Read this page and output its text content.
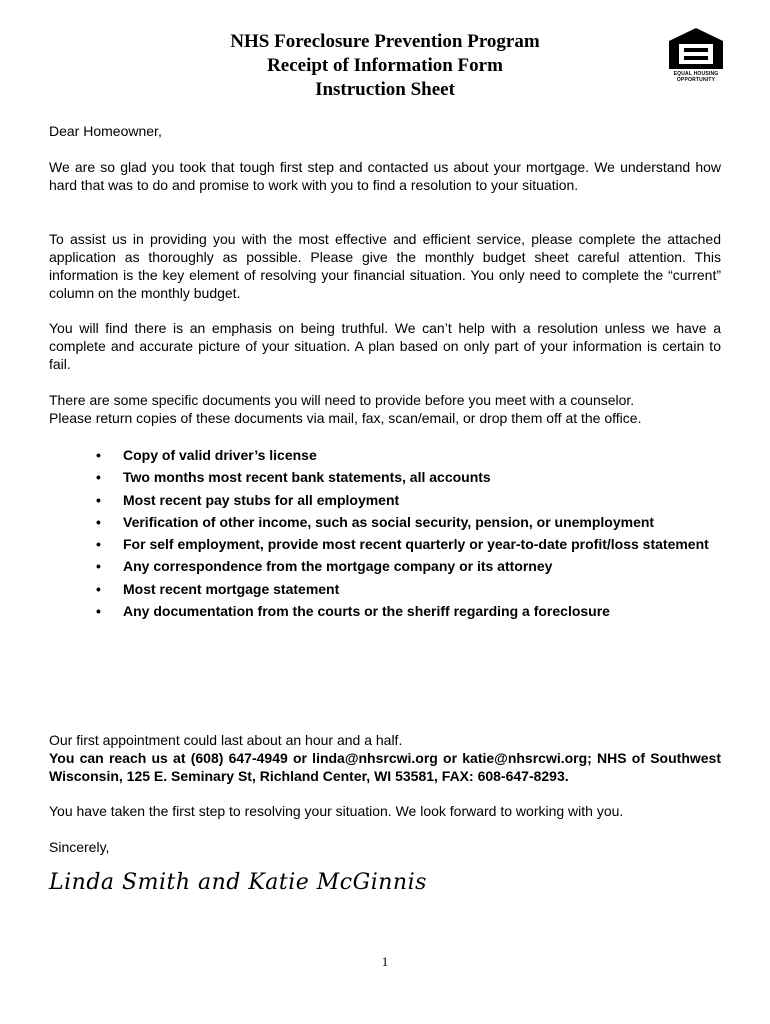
NHS Foreclosure Prevention Program
Receipt of Information Form
Instruction Sheet
EQUAL HOUSING
OPPORTUNITY
Dear Homeowner,
We are so glad you took that tough first step and contacted us about your mortgage. We understand how hard that was to do and promise to work with you to find a resolution to your situation.
To assist us in providing you with the most effective and efficient service, please complete the attached application as thoroughly as possible. Please give the monthly budget sheet careful attention. This information is the key element of resolving your financial situation. You only need to complete the “current” column on the monthly budget.
You will find there is an emphasis on being truthful. We can’t help with a resolution unless we have a complete and accurate picture of your situation. A plan based on only part of your information is certain to fail.
There are some specific documents you will need to provide before you meet with a counselor.
Please return copies of these documents via mail, fax, scan/email, or drop them off at the office.
• Copy of valid driver’s license
• Two months most recent bank statements, all accounts
• Most recent pay stubs for all employment
• Verification of other income, such as social security, pension, or unemployment
• For self employment, provide most recent quarterly or year-to-date profit/loss statement
• Any correspondence from the mortgage company or its attorney
• Most recent mortgage statement
• Any documentation from the courts or the sheriff regarding a foreclosure
Our first appointment could last about an hour and a half.
You can reach us at (608) 647-4949 or linda@nhsrcwi.org or katie@nhsrcwi.org; NHS of Southwest Wisconsin, 125 E. Seminary St, Richland Center, WI 53581, FAX: 608-647-8293.
You have taken the first step to resolving your situation. We look forward to working with you.
Sincerely,
Linda Smith and Katie McGinnis
1
